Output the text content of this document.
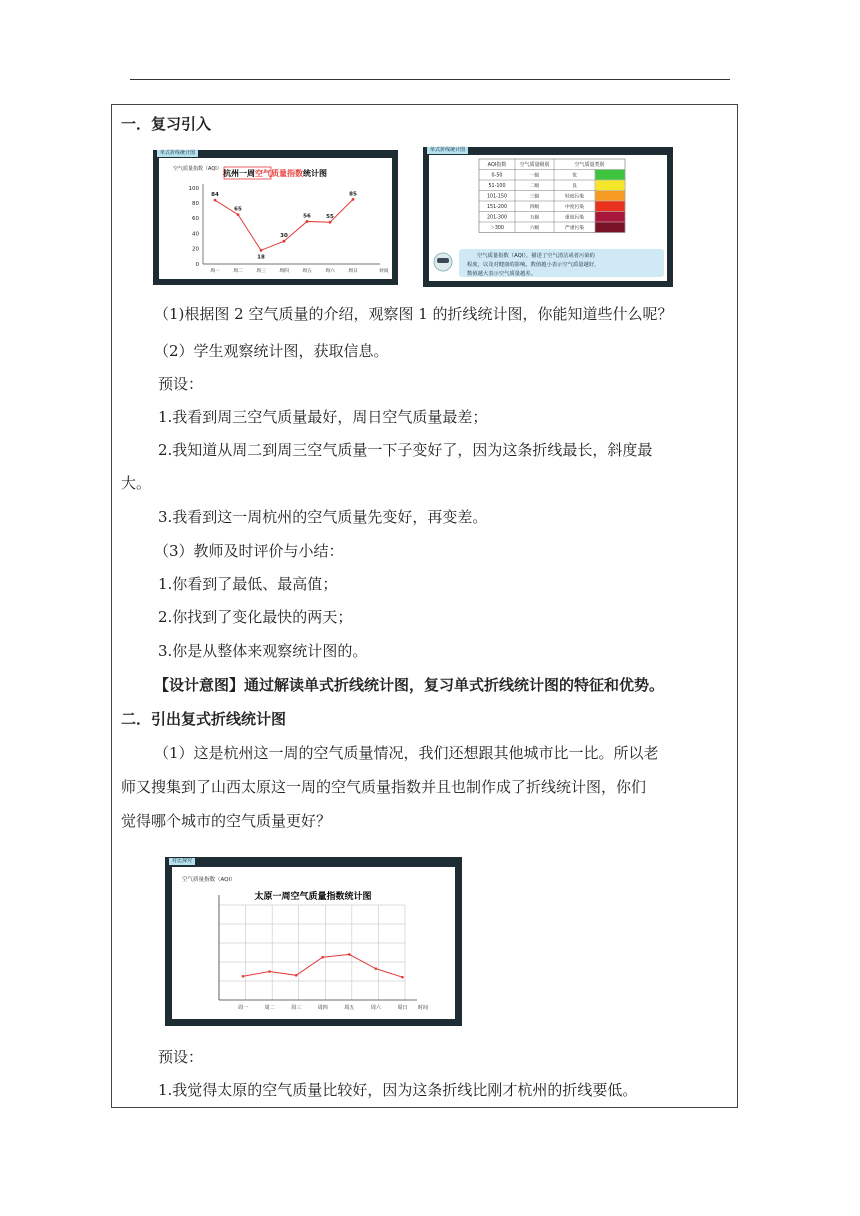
一．复习引入
空气质量指数（AQI） 杭州一周空气质量指数统计图
100
80
60
40
20
0
周一	周二	周三	周四	周五	周六	周日	时间
84
65
18
30
56	55
85
单式折线统计图
AQI指数	空气质量级别	空气质量类别
0-50	一级	优
51-100	二级	良
101-150	三级	轻度污染
151-200	四级	中度污染
201-300	五级	重度污染
＞300	六级	严重污染
空气质量指数（AQI），描述了空气清洁或者污染的
程度，以及对健康的影响。数值越小表示空气质量越好，
数值越大表示空气质量越差。
单式折线统计图
（1)根据图 2 空气质量的介绍，观察图 1 的折线统计图，你能知道些什么呢？
（2）学生观察统计图，获取信息。
预设：
1.我看到周三空气质量最好，周日空气质量最差；
2.我知道从周二到周三空气质量一下子变好了，因为这条折线最长，斜度最
大。
3.我看到这一周杭州的空气质量先变好，再变差。
（3）教师及时评价与小结：
1.你看到了最低、最高值；
2.你找到了变化最快的两天；
3.你是从整体来观察统计图的。
【设计意图】通过解读单式折线统计图，复习单式折线统计图的特征和优势。
二．引出复式折线统计图
（1）这是杭州这一周的空气质量情况，我们还想跟其他城市比一比。所以老
师又搜集到了山西太原这一周的空气质量指数并且也制作成了折线统计图，你们
觉得哪个城市的空气质量更好？
空气质量指数（AQI）
太原一周空气质量指数统计图
周一	周二	周三	周四	周五	周六	周日 时间
对比探究
预设：
1.我觉得太原的空气质量比较好，因为这条折线比刚才杭州的折线要低。
